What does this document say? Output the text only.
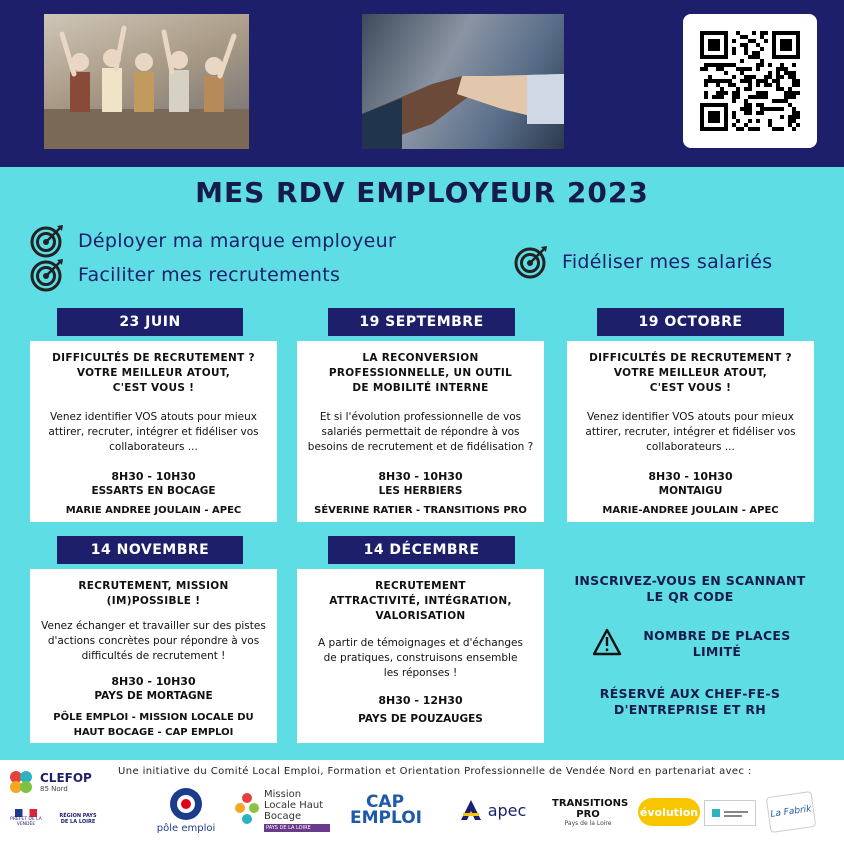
MES RDV EMPLOYEUR 2023
Déployer ma marque employeur
Faciliter mes recrutements
Fidéliser mes salariés
23 JUIN
DIFFICULTÉS DE RECRUTEMENT ?
VOTRE MEILLEUR ATOUT,
C'EST VOUS !
Venez identifier VOS atouts pour mieux attirer, recruter, intégrer et fidéliser vos collaborateurs ...
8H30 - 10H30
ESSARTS EN BOCAGE
MARIE ANDREE JOULAIN - APEC
19 SEPTEMBRE
LA RECONVERSION
PROFESSIONNELLE, UN OUTIL
DE MOBILITÉ INTERNE
Et si l'évolution professionnelle de vos salariés permettait de répondre à vos besoins de recrutement et de fidélisation ?
8H30 - 10H30
LES HERBIERS
SÉVERINE RATIER - TRANSITIONS PRO
19 OCTOBRE
DIFFICULTÉS DE RECRUTEMENT ?
VOTRE MEILLEUR ATOUT,
C'EST VOUS !
Venez identifier VOS atouts pour mieux attirer, recruter, intégrer et fidéliser vos collaborateurs ...
8H30 - 10H30
MONTAIGU
MARIE-ANDREE JOULAIN - APEC
14 NOVEMBRE
RECRUTEMENT, MISSION
(IM)POSSIBLE !
Venez échanger et travailler sur des pistes d'actions concrètes pour répondre à vos difficultés de recrutement !
8H30 - 10H30
PAYS DE MORTAGNE
PÔLE EMPLOI - MISSION LOCALE DU HAUT BOCAGE - CAP EMPLOI
14 DÉCEMBRE
RECRUTEMENT
ATTRACTIVITÉ, INTÉGRATION,
VALORISATION
A partir de témoignages et d'échanges de pratiques, construisons ensemble les réponses !
8H30 - 12H30
PAYS DE POUZAUGES
INSCRIVEZ-VOUS EN SCANNANT LE QR CODE
NOMBRE DE PLACES LIMITÉ
RÉSERVÉ AUX CHEF-FE-S D'ENTREPRISE ET RH
Une initiative du Comité Local Emploi, Formation et Orientation Professionnelle de Vendée Nord en partenariat avec :
CLEFOP
85 Nord
PRÉFET DE LA VENDÉE
RÉGION PAYS DE LA LOIRE
pôle emploi
Mission Locale Haut Bocage
PAYS DE LA LOIRE
CAP EMPLOI	apec	TRANSITIONS PRO
Pays de la Loire
évolution	La Fabrik
